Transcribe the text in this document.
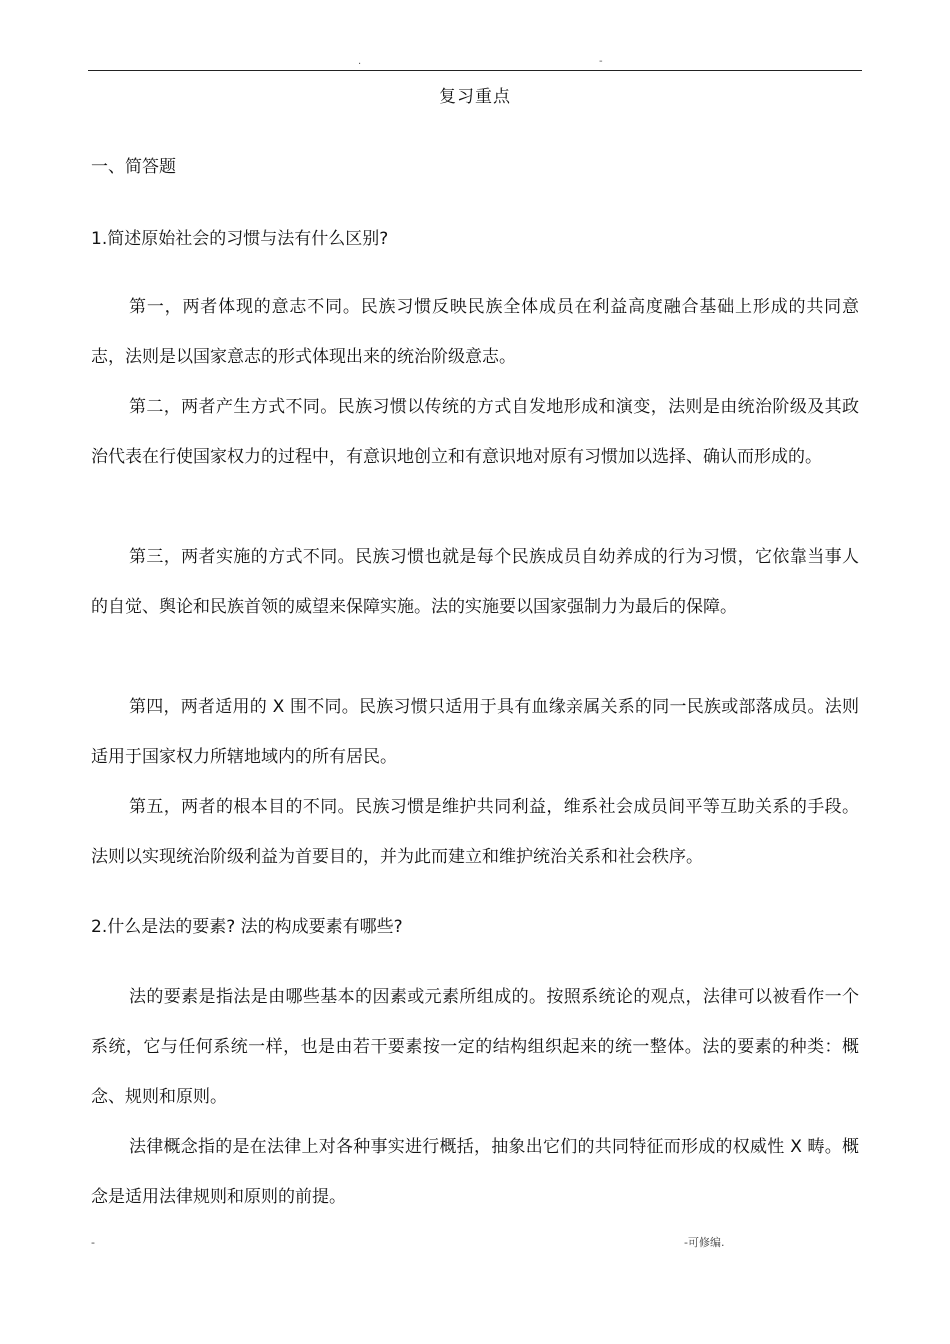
.	-
复习重点
一、简答题
1.简述原始社会的习惯与法有什么区别?

第一，两者体现的意志不同。民族习惯反映民族全体成员在利益高度融合基础上形成的共同意志，法则是以国家意志的形式体现出来的统治阶级意志。

第二，两者产生方式不同。民族习惯以传统的方式自发地形成和演变，法则是由统治阶级及其政治代表在行使国家权力的过程中，有意识地创立和有意识地对原有习惯加以选择、确认而形成的。

第三，两者实施的方式不同。民族习惯也就是每个民族成员自幼养成的行为习惯，它依靠当事人的自觉、舆论和民族首领的威望来保障实施。法的实施要以国家强制力为最后的保障。

第四，两者适用的 X 围不同。民族习惯只适用于具有血缘亲属关系的同一民族或部落成员。法则适用于国家权力所辖地域内的所有居民。

第五，两者的根本目的不同。民族习惯是维护共同利益，维系社会成员间平等互助关系的手段。法则以实现统治阶级利益为首要目的，并为此而建立和维护统治关系和社会秩序。

2.什么是法的要素? 法的构成要素有哪些?

法的要素是指法是由哪些基本的因素或元素所组成的。按照系统论的观点，法律可以被看作一个系统，它与任何系统一样，也是由若干要素按一定的结构组织起来的统一整体。法的要素的种类：概念、规则和原则。

法律概念指的是在法律上对各种事实进行概括，抽象出它们的共同特征而形成的权威性 X 畴。概念是适用法律规则和原则的前提。

-	-可修编.
